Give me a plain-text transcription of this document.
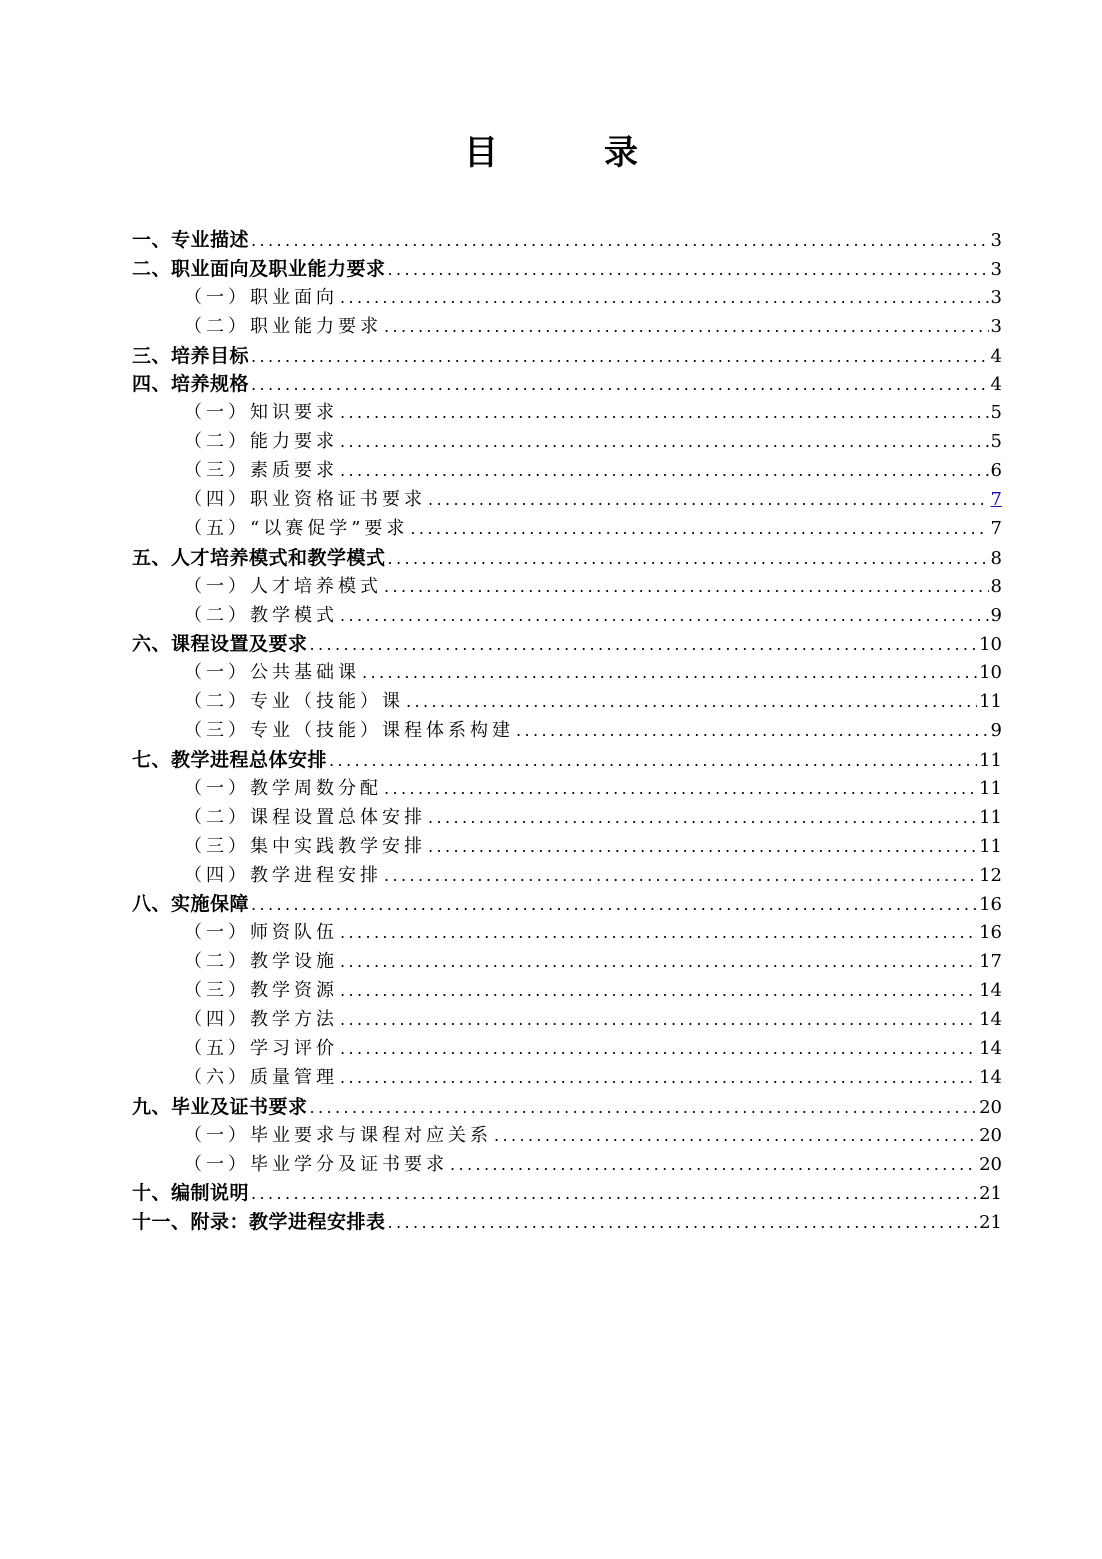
目　录
一、专业描述 .....	3
二、职业面向及职业能力要求 .....	3
（一）职业面向 .....	3
（二）职业能力要求 .....	3
三、培养目标 .....	4
四、培养规格 .....	4
（一）知识要求 .....	5
（二）能力要求 .....	5
（三）素质要求 .....	6
（四）职业资格证书要求 .....	7
（五）“以赛促学”要求 .....	7
五、人才培养模式和教学模式 .....	8
（一）人才培养模式 .....	8
（二）教学模式 .....	9
六、课程设置及要求 .....	10
（一）公共基础课 .....	10
（二）专业（技能）课 .....	11
（三）专业（技能）课程体系构建 .....	9
七、教学进程总体安排 .....	11
（一）教学周数分配 .....	11
（二）课程设置总体安排 .....	11
（三）集中实践教学安排 .....	11
（四）教学进程安排 .....	12
八、实施保障 .....	16
（一）师资队伍 .....	16
（二）教学设施 .....	17
（三）教学资源 .....	14
（四）教学方法 .....	14
（五）学习评价 .....	14
（六）质量管理 .....	14
九、毕业及证书要求 .....	20
（一）毕业要求与课程对应关系 .....	20
（一）毕业学分及证书要求 .....	20
十、编制说明 .....	21
十一、附录：教学进程安排表 .....	21
